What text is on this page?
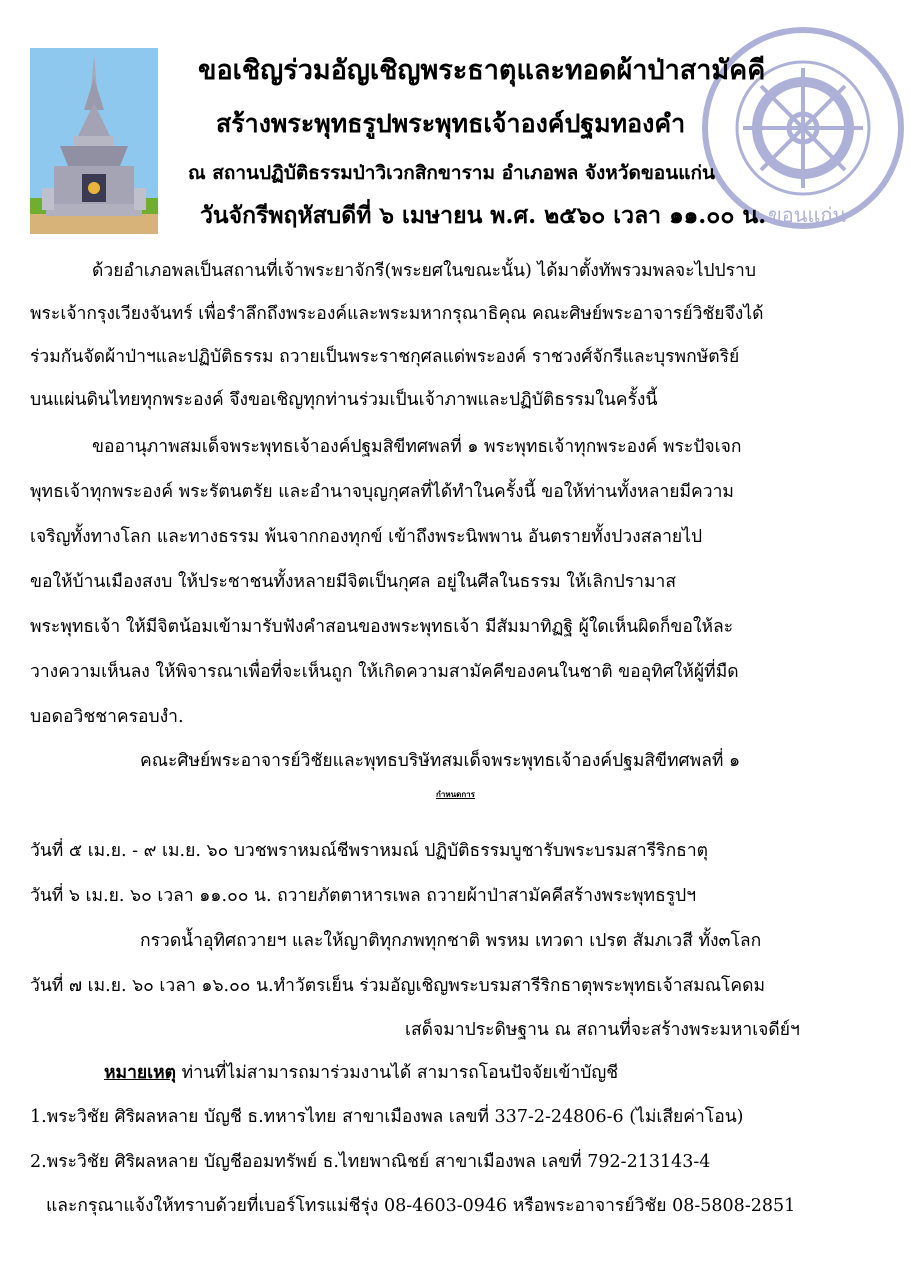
จ.ขอนแก่น
ขอเชิญร่วมอัญเชิญพระธาตุและทอดผ้าป่าสามัคคี
สร้างพระพุทธรูปพระพุทธเจ้าองค์ปฐมทองคำ
ณ สถานปฏิบัติธรรมป่าวิเวกสิกขาราม อำเภอพล จังหวัดขอนแก่น
วันจักรีพฤหัสบดีที่ ๖ เมษายน พ.ศ. ๒๕๖๐ เวลา ๑๑.๐๐ น.
ด้วยอำเภอพลเป็นสถานที่เจ้าพระยาจักรี(พระยศในขณะนั้น) ได้มาตั้งทัพรวมพลจะไปปราบ
พระเจ้ากรุงเวียงจันทร์ เพื่อรำลึกถึงพระองค์และพระมหากรุณาธิคุณ คณะศิษย์พระอาจารย์วิชัยจึงได้
ร่วมกันจัดผ้าป่าฯและปฏิบัติธรรม ถวายเป็นพระราชกุศลแด่พระองค์ ราชวงศ์จักรีและบุรพกษัตริย์
บนแผ่นดินไทยทุกพระองค์ จึงขอเชิญทุกท่านร่วมเป็นเจ้าภาพและปฏิบัติธรรมในครั้งนี้
ขออานุภาพสมเด็จพระพุทธเจ้าองค์ปฐมสิขีทศพลที่ ๑ พระพุทธเจ้าทุกพระองค์ พระปัจเจก
พุทธเจ้าทุกพระองค์ พระรัตนตรัย และอำนาจบุญกุศลที่ได้ทำในครั้งนี้ ขอให้ท่านทั้งหลายมีความ
เจริญทั้งทางโลก และทางธรรม พ้นจากกองทุกข์ เข้าถึงพระนิพพาน อันตรายทั้งปวงสลายไป
ขอให้บ้านเมืองสงบ ให้ประชาชนทั้งหลายมีจิตเป็นกุศล อยู่ในศีลในธรรม ให้เลิกปรามาส
พระพุทธเจ้า ให้มีจิตน้อมเข้ามารับฟังคำสอนของพระพุทธเจ้า มีสัมมาทิฏฐิ ผู้ใดเห็นผิดก็ขอให้ละ
วางความเห็นลง ให้พิจารณาเพื่อที่จะเห็นถูก ให้เกิดความสามัคคีของคนในชาติ ขออุทิศให้ผู้ที่มืด
บอดอวิชชาครอบงำ.
คณะศิษย์พระอาจารย์วิชัยและพุทธบริษัทสมเด็จพระพุทธเจ้าองค์ปฐมสิขีทศพลที่ ๑
กำหนดการ
วันที่ ๕ เม.ย. - ๙ เม.ย. ๖๐ บวชพราหมณ์ชีพราหมณ์ ปฏิบัติธรรมบูชารับพระบรมสารีริกธาตุ
วันที่ ๖ เม.ย. ๖๐ เวลา ๑๑.๐๐ น. ถวายภัตตาหารเพล ถวายผ้าป่าสามัคคีสร้างพระพุทธรูปฯ
กรวดน้ำอุทิศถวายฯ และให้ญาติทุกภพทุกชาติ พรหม เทวดา เปรต สัมภเวสี ทั้ง๓โลก
วันที่ ๗ เม.ย. ๖๐ เวลา ๑๖.๐๐ น.ทำวัตรเย็น ร่วมอัญเชิญพระบรมสารีริกธาตุพระพุทธเจ้าสมณโคดม
เสด็จมาประดิษฐาน ณ สถานที่จะสร้างพระมหาเจดีย์ฯ
หมายเหตุ ท่านที่ไม่สามารถมาร่วมงานได้ สามารถโอนปัจจัยเข้าบัญชี
1.พระวิชัย ศิริผลหลาย บัญชี ธ.ทหารไทย สาขาเมืองพล เลขที่ 337-2-24806-6 (ไม่เสียค่าโอน)
2.พระวิชัย ศิริผลหลาย บัญชีออมทรัพย์ ธ.ไทยพาณิชย์ สาขาเมืองพล เลขที่ 792-213143-4
และกรุณาแจ้งให้ทราบด้วยที่เบอร์โทรแม่ชีรุ่ง 08-4603-0946 หรือพระอาจารย์วิชัย 08-5808-2851
